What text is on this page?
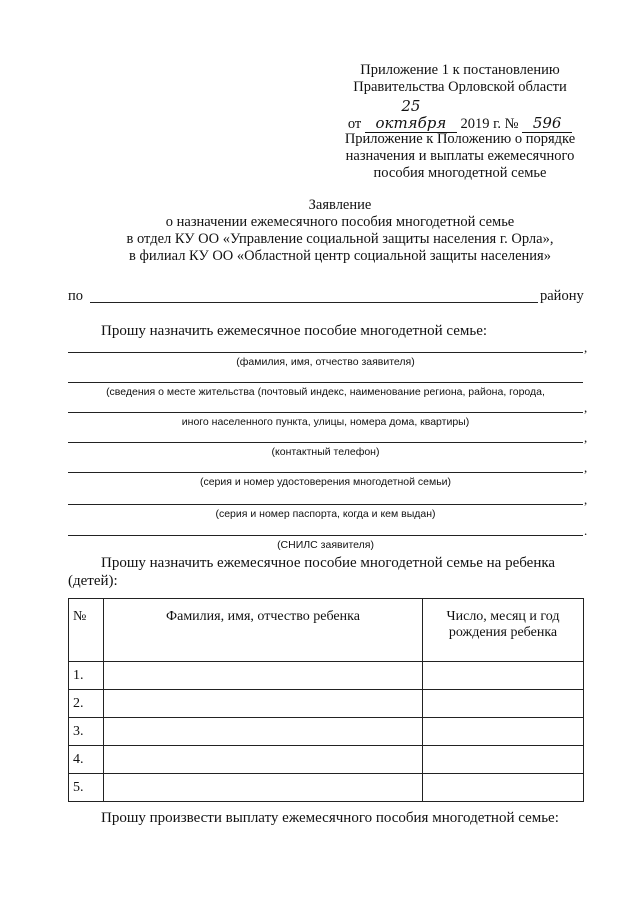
Приложение 1 к постановлению
Правительства Орловской области
от 25 октября 2019 г. № 596
Приложение к Положению о порядке
назначения и выплаты ежемесячного
пособия многодетной семье
Заявление
о назначении ежемесячного пособия многодетной семье
в отдел КУ ОО «Управление социальной защиты населения г. Орла»,
в филиал КУ ОО «Областной центр социальной защиты населения»
по	району
Прошу назначить ежемесячное пособие многодетной семье:
,
(фамилия, имя, отчество заявителя)
(сведения о месте жительства (почтовый индекс, наименование региона, района, города,
,
иного населенного пункта, улицы, номера дома, квартиры)
,
(контактный телефон)
,
(серия и номер удостоверения многодетной семьи)
,
(серия и номер паспорта, когда и кем выдан)
.
(СНИЛС заявителя)
Прошу назначить ежемесячное пособие многодетной семье на ребенка
(детей):
№	Фамилия, имя, отчество ребенка	Число, месяц и год
рождения ребенка

1.		
2.		
3.		
4.		
5.		
Прошу произвести выплату ежемесячного пособия многодетной семье:
